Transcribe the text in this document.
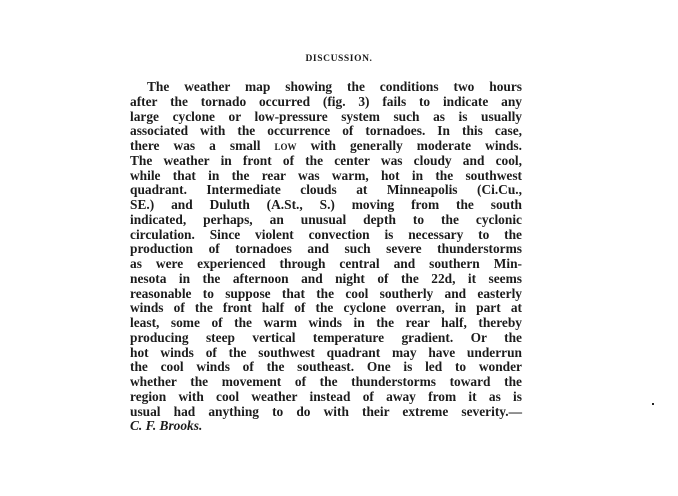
DISCUSSION.
The weather map showing the conditions two hours
after the tornado occurred (fig. 3) fails to indicate any
large cyclone or low-pressure system such as is usually
associated with the occurrence of tornadoes. In this case,
there was a small low with generally moderate winds.
The weather in front of the center was cloudy and cool,
while that in the rear was warm, hot in the southwest
quadrant. Intermediate clouds at Minneapolis (Ci.Cu.,
SE.) and Duluth (A.St., S.) moving from the south
indicated, perhaps, an unusual depth to the cyclonic
circulation. Since violent convection is necessary to the
production of tornadoes and such severe thunderstorms
as were experienced through central and southern Min-
nesota in the afternoon and night of the 22d, it seems
reasonable to suppose that the cool southerly and easterly
winds of the front half of the cyclone overran, in part at
least, some of the warm winds in the rear half, thereby
producing steep vertical temperature gradient. Or the
hot winds of the southwest quadrant may have underrun
the cool winds of the southeast. One is led to wonder
whether the movement of the thunderstorms toward the
region with cool weather instead of away from it as is
usual had anything to do with their extreme severity.—
C. F. Brooks.
